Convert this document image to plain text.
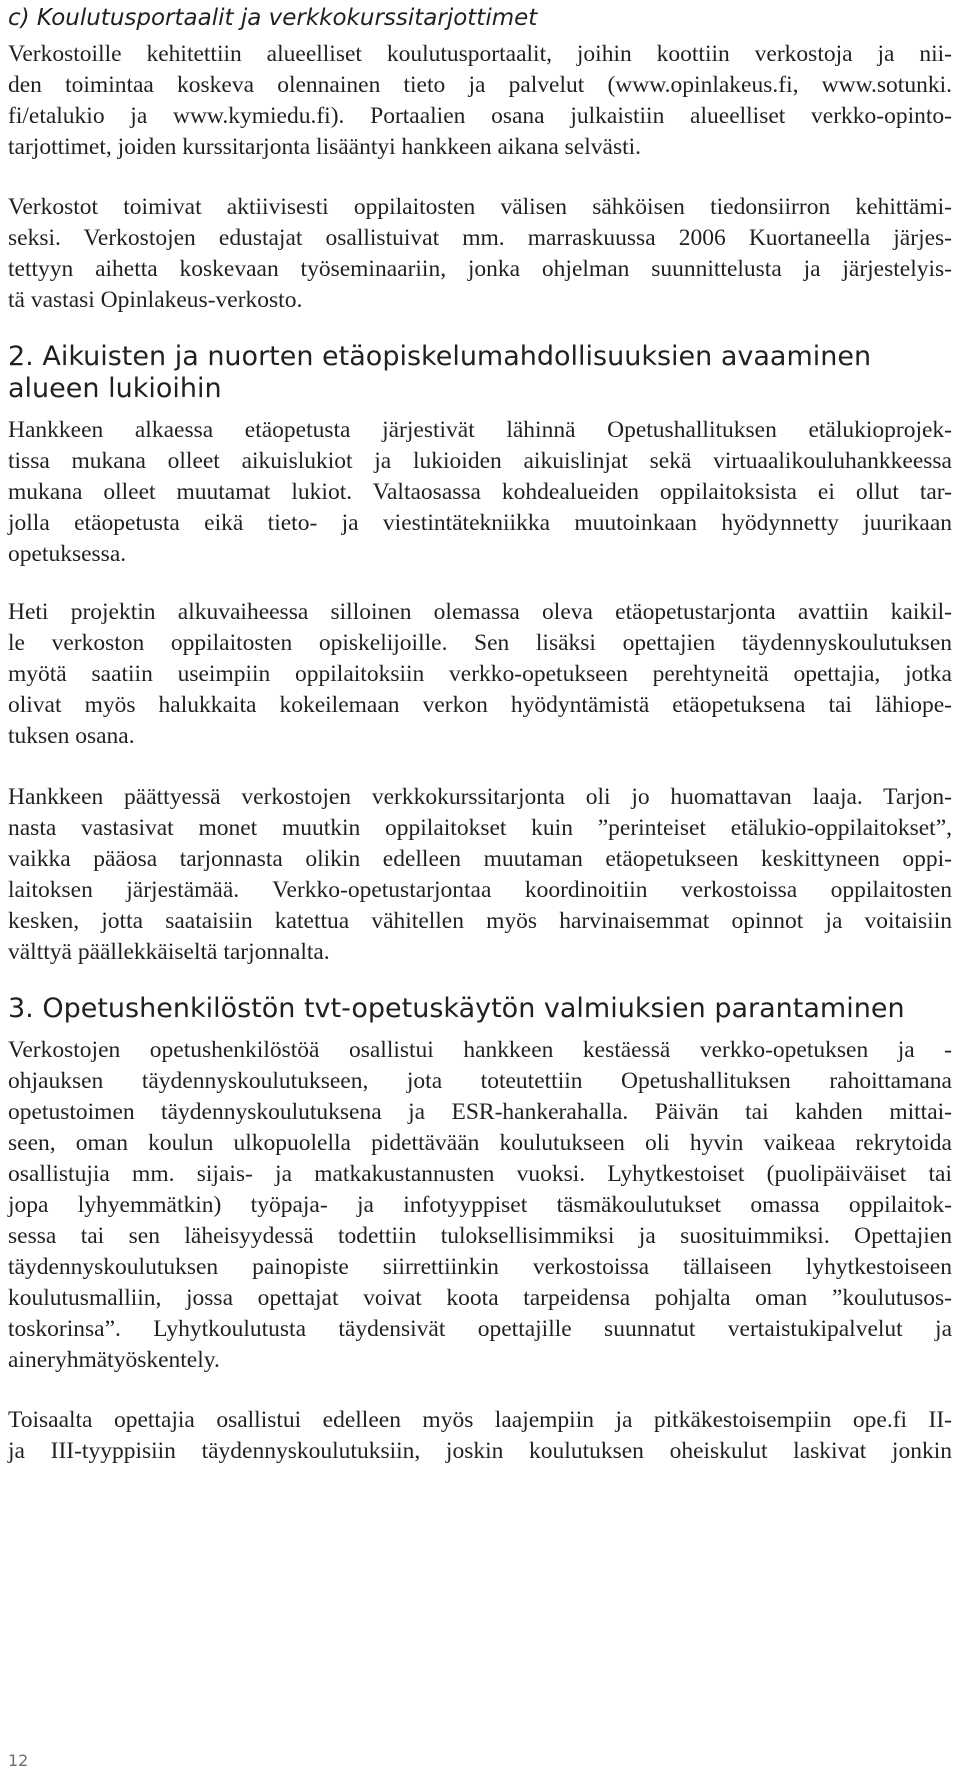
c) Koulutusportaalit ja verkkokurssitarjottimet
Verkostoille kehitettiin alueelliset koulutusportaalit, joihin koottiin verkostoja ja nii-
den toimintaa koskeva olennainen tieto ja palvelut (www.opinlakeus.fi, www.sotunki.
fi/etalukio ja www.kymiedu.fi). Portaalien osana julkaistiin alueelliset verkko-opinto-
tarjottimet, joiden kurssitarjonta lisääntyi hankkeen aikana selvästi.
Verkostot toimivat aktiivisesti oppilaitosten välisen sähköisen tiedonsiirron kehittämi-
seksi. Verkostojen edustajat osallistuivat mm. marraskuussa 2006 Kuortaneella järjes-
tettyyn aihetta koskevaan työseminaariin, jonka ohjelman suunnittelusta ja järjestelyis-
tä vastasi Opinlakeus-verkosto.
2. Aikuisten ja nuorten etäopiskelumahdollisuuksien avaaminen
alueen lukioihin
Hankkeen alkaessa etäopetusta järjestivät lähinnä Opetushallituksen etälukioprojek-
tissa mukana olleet aikuislukiot ja lukioiden aikuislinjat sekä virtuaalikouluhankkeessa
mukana olleet muutamat lukiot. Valtaosassa kohdealueiden oppilaitoksista ei ollut tar-
jolla etäopetusta eikä tieto- ja viestintätekniikka muutoinkaan hyödynnetty juurikaan
opetuksessa.
Heti projektin alkuvaiheessa silloinen olemassa oleva etäopetustarjonta avattiin kaikil-
le verkoston oppilaitosten opiskelijoille. Sen lisäksi opettajien täydennyskoulutuksen
myötä saatiin useimpiin oppilaitoksiin verkko-opetukseen perehtyneitä opettajia, jotka
olivat myös halukkaita kokeilemaan verkon hyödyntämistä etäopetuksena tai lähiope-
tuksen osana.
Hankkeen päättyessä verkostojen verkkokurssitarjonta oli jo huomattavan laaja. Tarjon-
nasta vastasivat monet muutkin oppilaitokset kuin ”perinteiset etälukio-oppilaitokset”,
vaikka pääosa tarjonnasta olikin edelleen muutaman etäopetukseen keskittyneen oppi-
laitoksen järjestämää. Verkko-opetustarjontaa koordinoitiin verkostoissa oppilaitosten
kesken, jotta saataisiin katettua vähitellen myös harvinaisemmat opinnot ja voitaisiin
välttyä päällekkäiseltä tarjonnalta.
3. Opetushenkilöstön tvt-opetuskäytön valmiuksien parantaminen
Verkostojen opetushenkilöstöä osallistui hankkeen kestäessä verkko-opetuksen ja -
ohjauksen täydennyskoulutukseen, jota toteutettiin Opetushallituksen rahoittamana
opetustoimen täydennyskoulutuksena ja ESR-hankerahalla. Päivän tai kahden mittai-
seen, oman koulun ulkopuolella pidettävään koulutukseen oli hyvin vaikeaa rekrytoida
osallistujia mm. sijais- ja matkakustannusten vuoksi. Lyhytkestoiset (puolipäiväiset tai
jopa lyhyemmätkin) työpaja- ja infotyyppiset täsmäkoulutukset omassa oppilaitok-
sessa tai sen läheisyydessä todettiin tuloksellisimmiksi ja suosituimmiksi. Opettajien
täydennyskoulutuksen painopiste siirrettiinkin verkostoissa tällaiseen lyhytkestoiseen
koulutusmalliin, jossa opettajat voivat koota tarpeidensa pohjalta oman ”koulutusos-
toskorinsa”. Lyhytkoulutusta täydensivät opettajille suunnatut vertaistukipalvelut ja
aineryhmätyöskentely.
Toisaalta opettajia osallistui edelleen myös laajempiin ja pitkäkestoisempiin ope.fi II-
ja III-tyyppisiin täydennyskoulutuksiin, joskin koulutuksen oheiskulut laskivat jonkin
12
